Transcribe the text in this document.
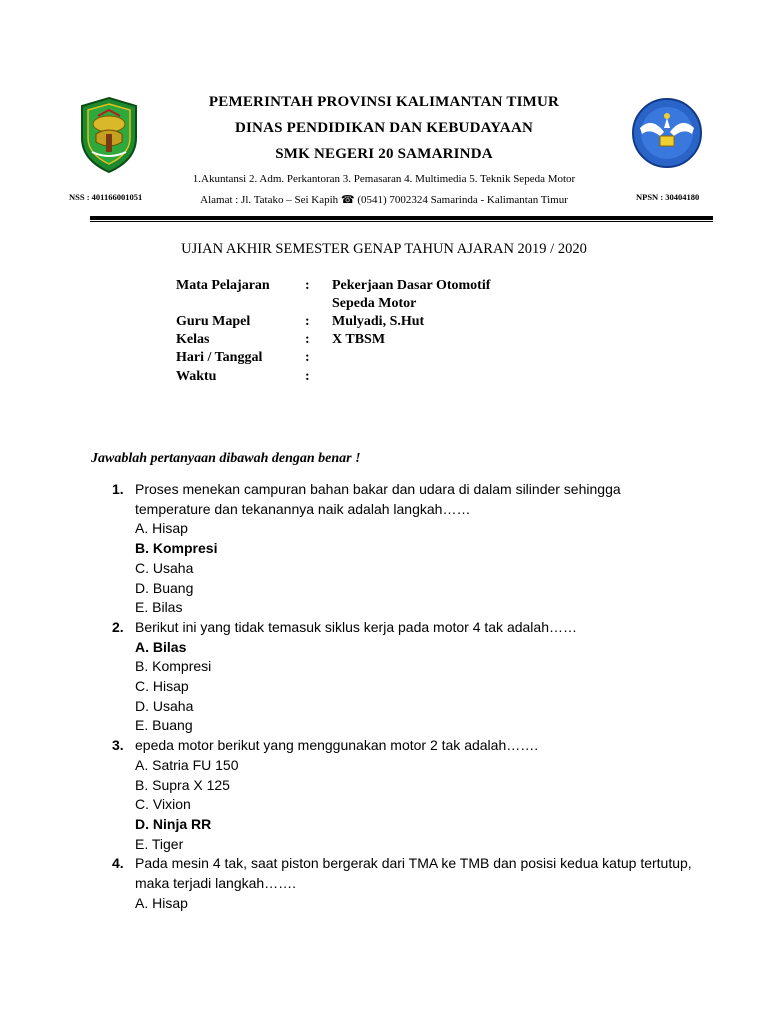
PEMERINTAH PROVINSI KALIMANTAN TIMUR
DINAS PENDIDIKAN DAN KEBUDAYAAN
SMK NEGERI 20 SAMARINDA
1.Akuntansi 2. Adm. Perkantoran 3. Pemasaran 4. Multimedia 5. Teknik Sepeda Motor
Alamat : Jl. Tatako – Sei Kapih ☎ (0541) 7002324 Samarinda - Kalimantan Timur
NSS : 401166001051	NPSN : 30404180
UJIAN AKHIR SEMESTER GENAP TAHUN AJARAN 2019 / 2020
Mata Pelajaran	: Pekerjaan Dasar Otomotif
Sepeda Motor
Guru Mapel	: Mulyadi, S.Hut
Kelas	: X TBSM
Hari / Tanggal	:
Waktu	:
Jawablah pertanyaan dibawah dengan benar !
1. Proses menekan campuran bahan bakar dan udara di dalam silinder sehingga temperature dan tekanannya naik adalah langkah……
A. Hisap
B. Kompresi
C. Usaha
D. Buang
E. Bilas
2. Berikut ini yang tidak temasuk siklus kerja pada motor 4 tak adalah……
A. Bilas
B. Kompresi
C. Hisap
D. Usaha
E. Buang
3. epeda motor berikut yang menggunakan motor 2 tak adalah…….
A. Satria FU 150
B. Supra X 125
C. Vixion
D. Ninja RR
E. Tiger
4. Pada mesin 4 tak, saat piston bergerak dari TMA ke TMB dan posisi kedua katup tertutup, maka terjadi langkah…….
A. Hisap
